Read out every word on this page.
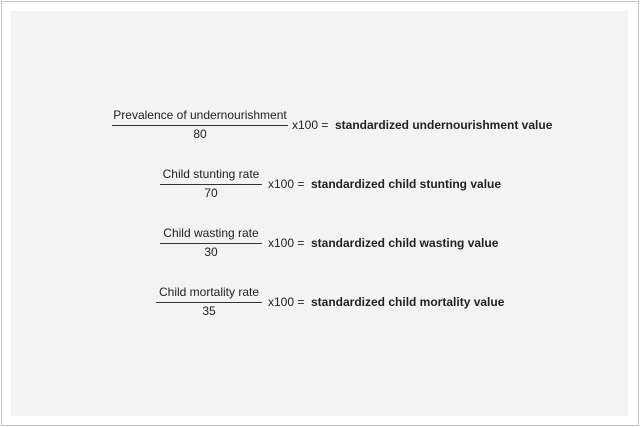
Prevalence of undernourishment
80
x100 = standardized undernourishment value
Child stunting rate
70
x100 = standardized child stunting value
Child wasting rate
30
x100 = standardized child wasting value
Child mortality rate
35
x100 = standardized child mortality value
